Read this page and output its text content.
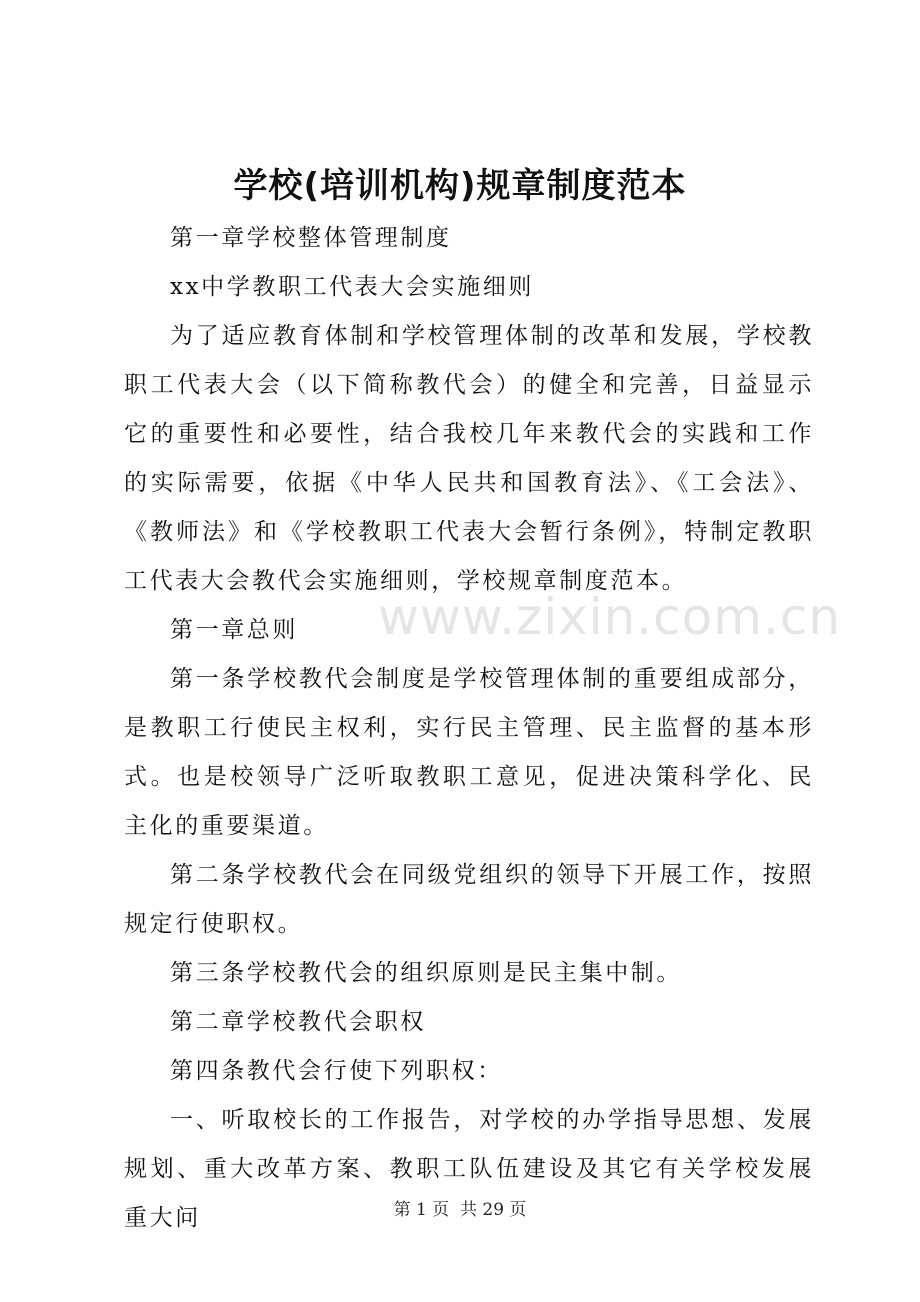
学校(培训机构)规章制度范本

第一章学校整体管理制度

xx中学教职工代表大会实施细则

为了适应教育体制和学校管理体制的改革和发展，学校教职工代表大会（以下简称教代会）的健全和完善，日益显示它的重要性和必要性，结合我校几年来教代会的实践和工作的实际需要，依据《中华人民共和国教育法》、《工会法》、《教师法》和《学校教职工代表大会暂行条例》，特制定教职工代表大会教代会实施细则，学校规章制度范本。

第一章总则

第一条学校教代会制度是学校管理体制的重要组成部分，是教职工行使民主权利，实行民主管理、民主监督的基本形式。也是校领导广泛听取教职工意见，促进决策科学化、民主化的重要渠道。

第二条学校教代会在同级党组织的领导下开展工作，按照规定行使职权。

第三条学校教代会的组织原则是民主集中制。

第二章学校教代会职权

第四条教代会行使下列职权：

一、听取校长的工作报告，对学校的办学指导思想、发展规划、重大改革方案、教职工队伍建设及其它有关学校发展重大问

www.zixin.com.cn
第 1 页  共 29 页
